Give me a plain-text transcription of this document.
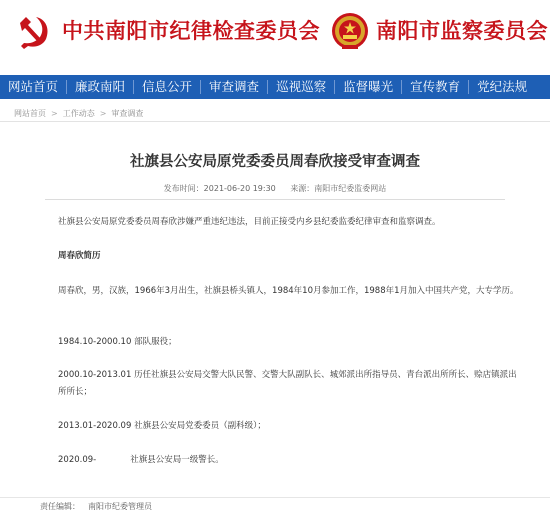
中共南阳市纪律检查委员会	南阳市监察委员会
网站首页 廉政南阳 信息公开 审查调查 巡视巡察 监督曝光 宣传教育 党纪法规
网站首页 > 工作动态 > 审查调查
社旗县公安局原党委委员周春欣接受审查调查
发布时间：2021-06-20 19:30 来源：南阳市纪委监委网站
社旗县公安局原党委委员周春欣涉嫌严重违纪违法，目前正接受内乡县纪委监委纪律审查和监察调查。
周春欣简历
周春欣，男，汉族，1966年3月出生，社旗县桥头镇人，1984年10月参加工作，1988年1月加入中国共产党，大专学历。
1984.10-2000.10 部队服役；
2000.10-2013.01 历任社旗县公安局交警大队民警、交警大队副队长、城郊派出所指导员、青台派出所所长、赊店镇派出所所长；
2013.01-2020.09 社旗县公安局党委委员（副科级）；
2020.09-　　　　社旗县公安局一级警长。
责任编辑： 南阳市纪委管理员
